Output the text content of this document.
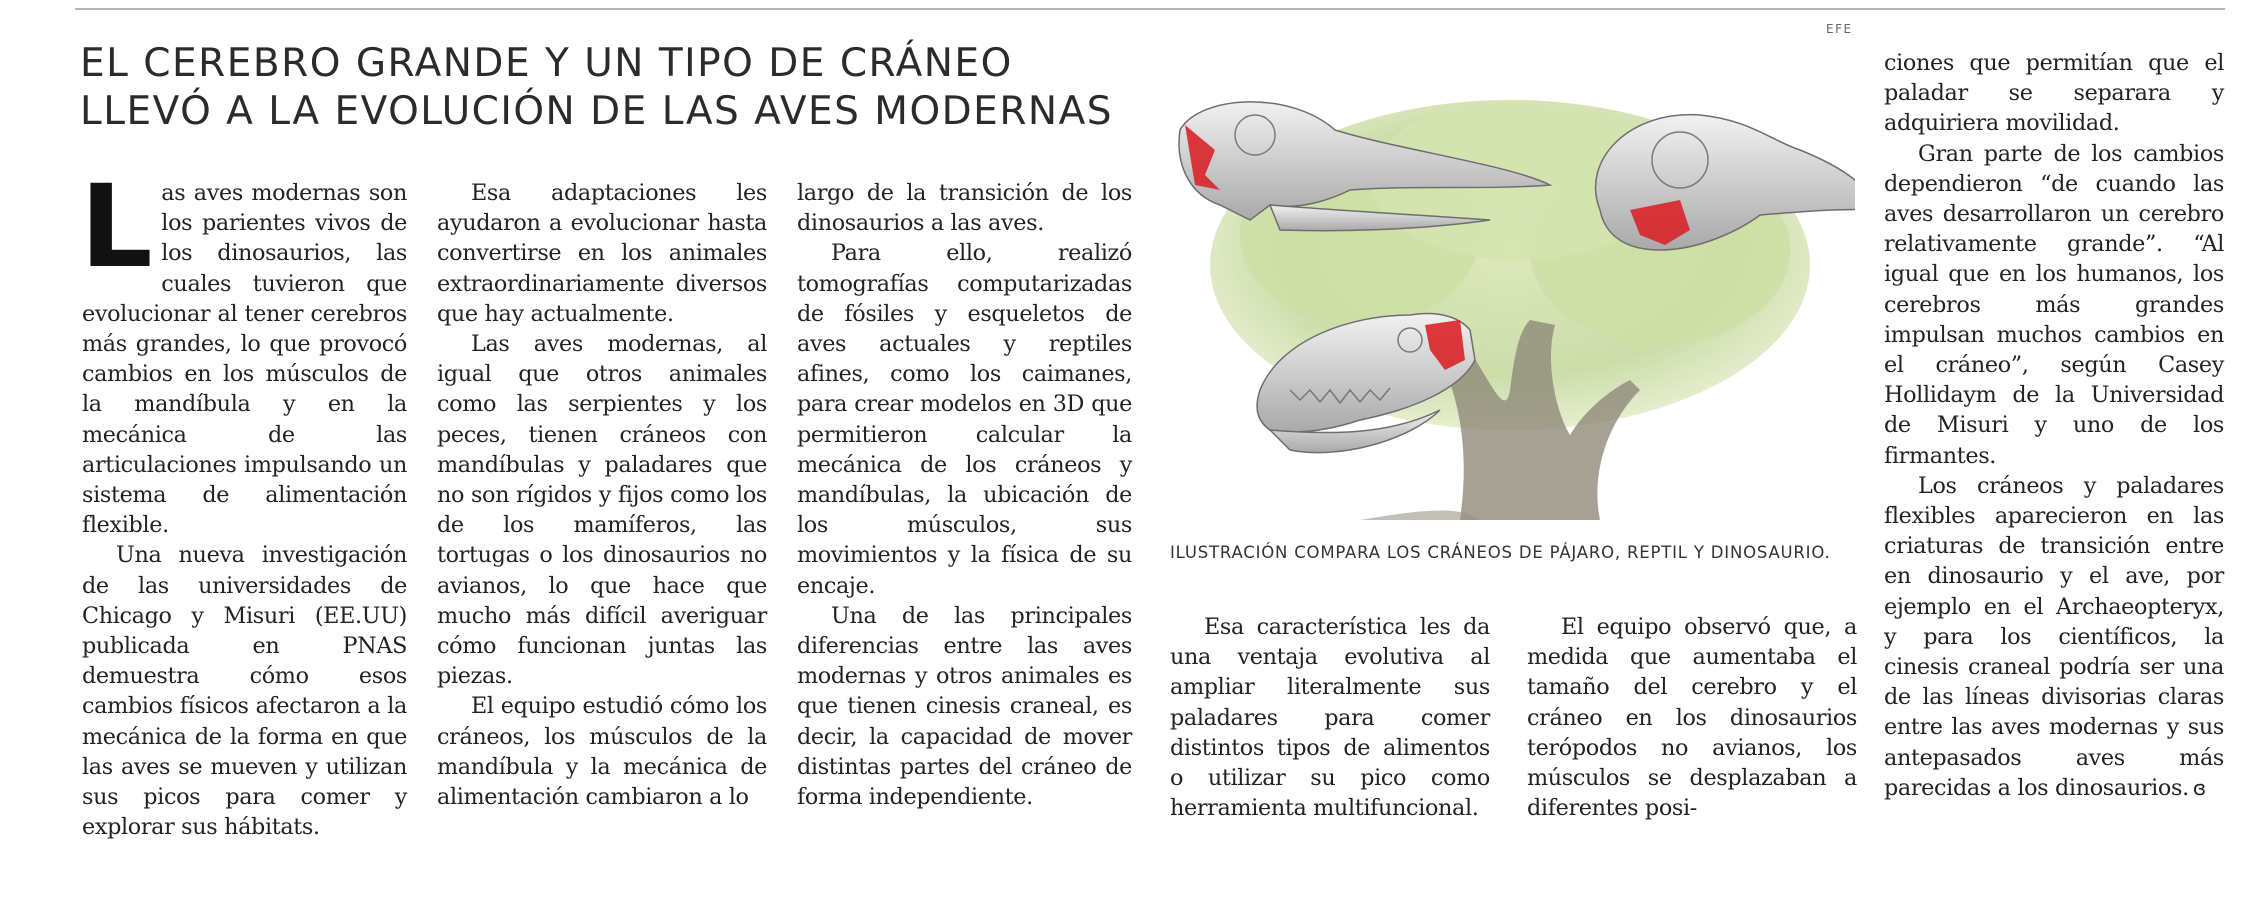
EL CEREBRO GRANDE Y UN TIPO DE CRÁNEO
LLEVÓ A LA EVOLUCIÓN DE LAS AVES MODERNAS

Las aves modernas son los parientes vivos de los dinosaurios, las cuales tuvieron que evolucionar al tener cerebros más grandes, lo que provocó cambios en los músculos de la mandíbula y en la mecánica de las articulaciones impulsando un sistema de alimentación flexible.

Una nueva investigación de las universidades de Chicago y Misuri (EE.UU) publicada en PNAS demuestra cómo esos cambios físicos afectaron a la mecánica de la forma en que las aves se mueven y utilizan sus picos para comer y explorar sus hábitats.

Esa adaptaciones les ayudaron a evolucionar hasta convertirse en los animales extraordinariamente diversos que hay actualmente.

Las aves modernas, al igual que otros animales como las serpientes y los peces, tienen cráneos con mandíbulas y paladares que no son rígidos y fijos como los de los mamíferos, las tortugas o los dinosaurios no avianos, lo que hace que mucho más difícil averiguar cómo funcionan juntas las piezas.

El equipo estudió cómo los cráneos, los músculos de la mandíbula y la mecánica de alimentación cambiaron a lo

largo de la transición de los dinosaurios a las aves.

Para ello, realizó tomografías computarizadas de fósiles y esqueletos de aves actuales y reptiles afines, como los caimanes, para crear modelos en 3D que permitieron calcular la mecánica de los cráneos y mandíbulas, la ubicación de los músculos, sus movimientos y la física de su encaje.

Una de las principales diferencias entre las aves modernas y otros animales es que tienen cinesis craneal, es decir, la capacidad de mover distintas partes del cráneo de forma independiente.

EFE

ILUSTRACIÓN COMPARA LOS CRÁNEOS DE PÁJARO, REPTIL Y DINOSAURIO.

Esa característica les da una ventaja evolutiva al ampliar literalmente sus paladares para comer distintos tipos de alimentos o utilizar su pico como herramienta multifuncional.

El equipo observó que, a medida que aumentaba el tamaño del cerebro y el cráneo en los dinosaurios terópodos no avianos, los músculos se desplazaban a diferentes posi-

ciones que permitían que el paladar se separara y adquiriera movilidad.

Gran parte de los cambios dependieron “de cuando las aves desarrollaron un cerebro relativamente grande”. “Al igual que en los humanos, los cerebros más grandes impulsan muchos cambios en el cráneo”, según Casey Hollidaym de la Universidad de Misuri y uno de los firmantes.

Los cráneos y paladares flexibles aparecieron en las criaturas de transición entre en dinosaurio y el ave, por ejemplo en el Archaeopteryx, y para los científicos, la cinesis craneal podría ser una de las líneas divisorias claras entre las aves modernas y sus antepasados aves más parecidas a los dinosaurios. ɞ
